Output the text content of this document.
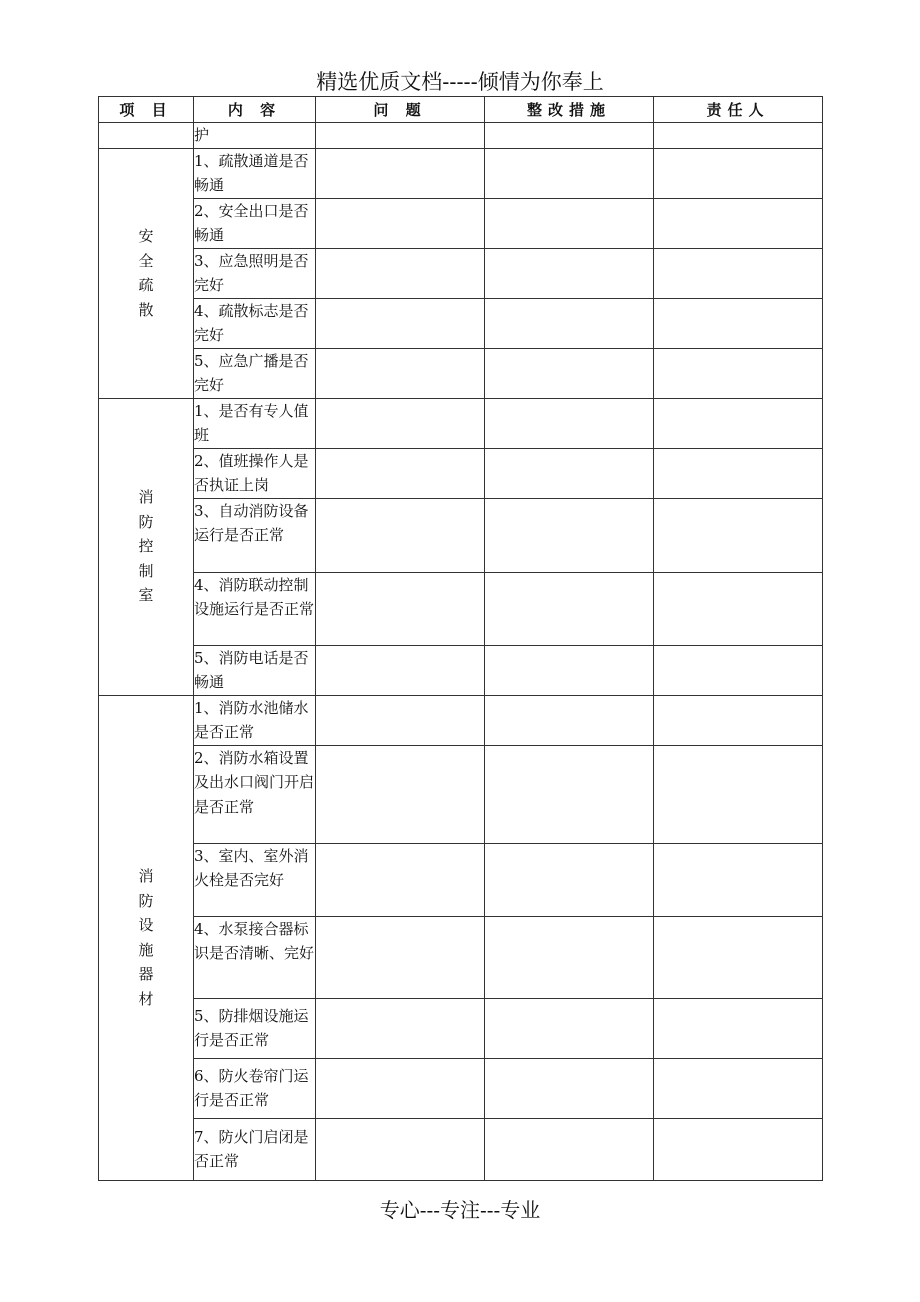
精选优质文档-----倾情为你奉上
项 目	内 容	问 题	整改措施	责任人
	护			
安全疏散	1、疏散通道是否畅通			
	2、安全出口是否畅通			
	3、应急照明是否完好			
	4、疏散标志是否完好			
	5、应急广播是否完好			
消防控制室	1、是否有专人值班			
	2、值班操作人是否执证上岗			
	3、自动消防设备运行是否正常			
	4、消防联动控制设施运行是否正常			
	5、消防电话是否畅通			
消防设施器材	1、消防水池储水是否正常			
	2、消防水箱设置及出水口阀门开启是否正常			
	3、室内、室外消火栓是否完好			
	4、水泵接合器标识是否清晰、完好			
	5、防排烟设施运行是否正常			
	6、防火卷帘门运行是否正常			
	7、防火门启闭是否正常			
专心---专注---专业
